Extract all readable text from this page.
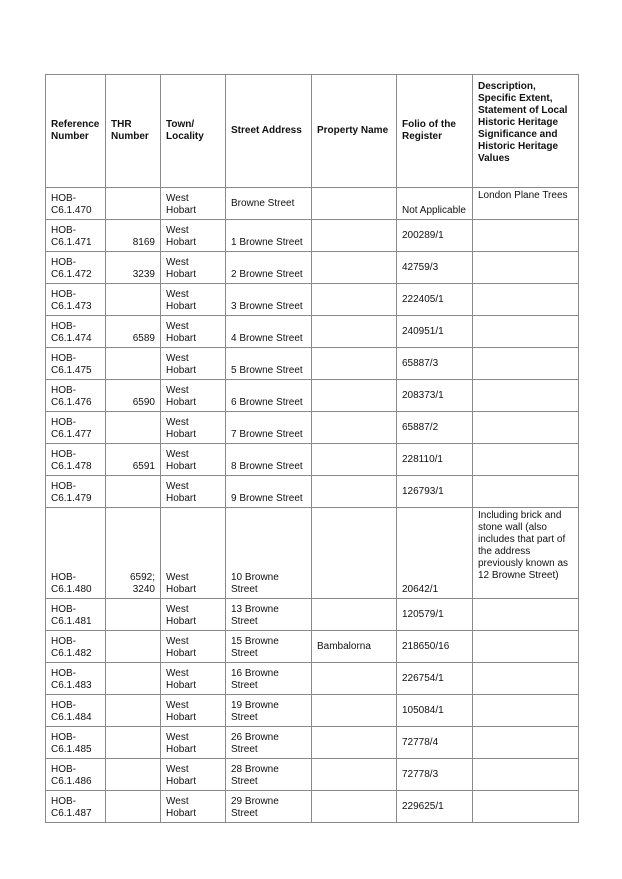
Reference Number	THR Number	Town/ Locality	Street Address	Property Name	Folio of the Register	Description, Specific Extent, Statement of Local Historic Heritage Significance and Historic Heritage Values
HOB-C6.1.470		West Hobart	Browne Street		Not Applicable	London Plane Trees
HOB-C6.1.471	8169	West Hobart	1 Browne Street		200289/1	
HOB-C6.1.472	3239	West Hobart	2 Browne Street		42759/3	
HOB-C6.1.473		West Hobart	3 Browne Street		222405/1	
HOB-C6.1.474	6589	West Hobart	4 Browne Street		240951/1	
HOB-C6.1.475		West Hobart	5 Browne Street		65887/3	
HOB-C6.1.476	6590	West Hobart	6 Browne Street		208373/1	
HOB-C6.1.477		West Hobart	7 Browne Street		65887/2	
HOB-C6.1.478	6591	West Hobart	8 Browne Street		228110/1	
HOB-C6.1.479		West Hobart	9 Browne Street		126793/1	
HOB-C6.1.480	6592; 3240	West Hobart	10 Browne Street		20642/1	Including brick and stone wall (also includes that part of the address previously known as 12 Browne Street)
HOB-C6.1.481		West Hobart	13 Browne Street		120579/1	
HOB-C6.1.482		West Hobart	15 Browne Street	Bambalorna	218650/16	
HOB-C6.1.483		West Hobart	16 Browne Street		226754/1	
HOB-C6.1.484		West Hobart	19 Browne Street		105084/1	
HOB-C6.1.485		West Hobart	26 Browne Street		72778/4	
HOB-C6.1.486		West Hobart	28 Browne Street		72778/3	
HOB-C6.1.487		West Hobart	29 Browne Street		229625/1	
